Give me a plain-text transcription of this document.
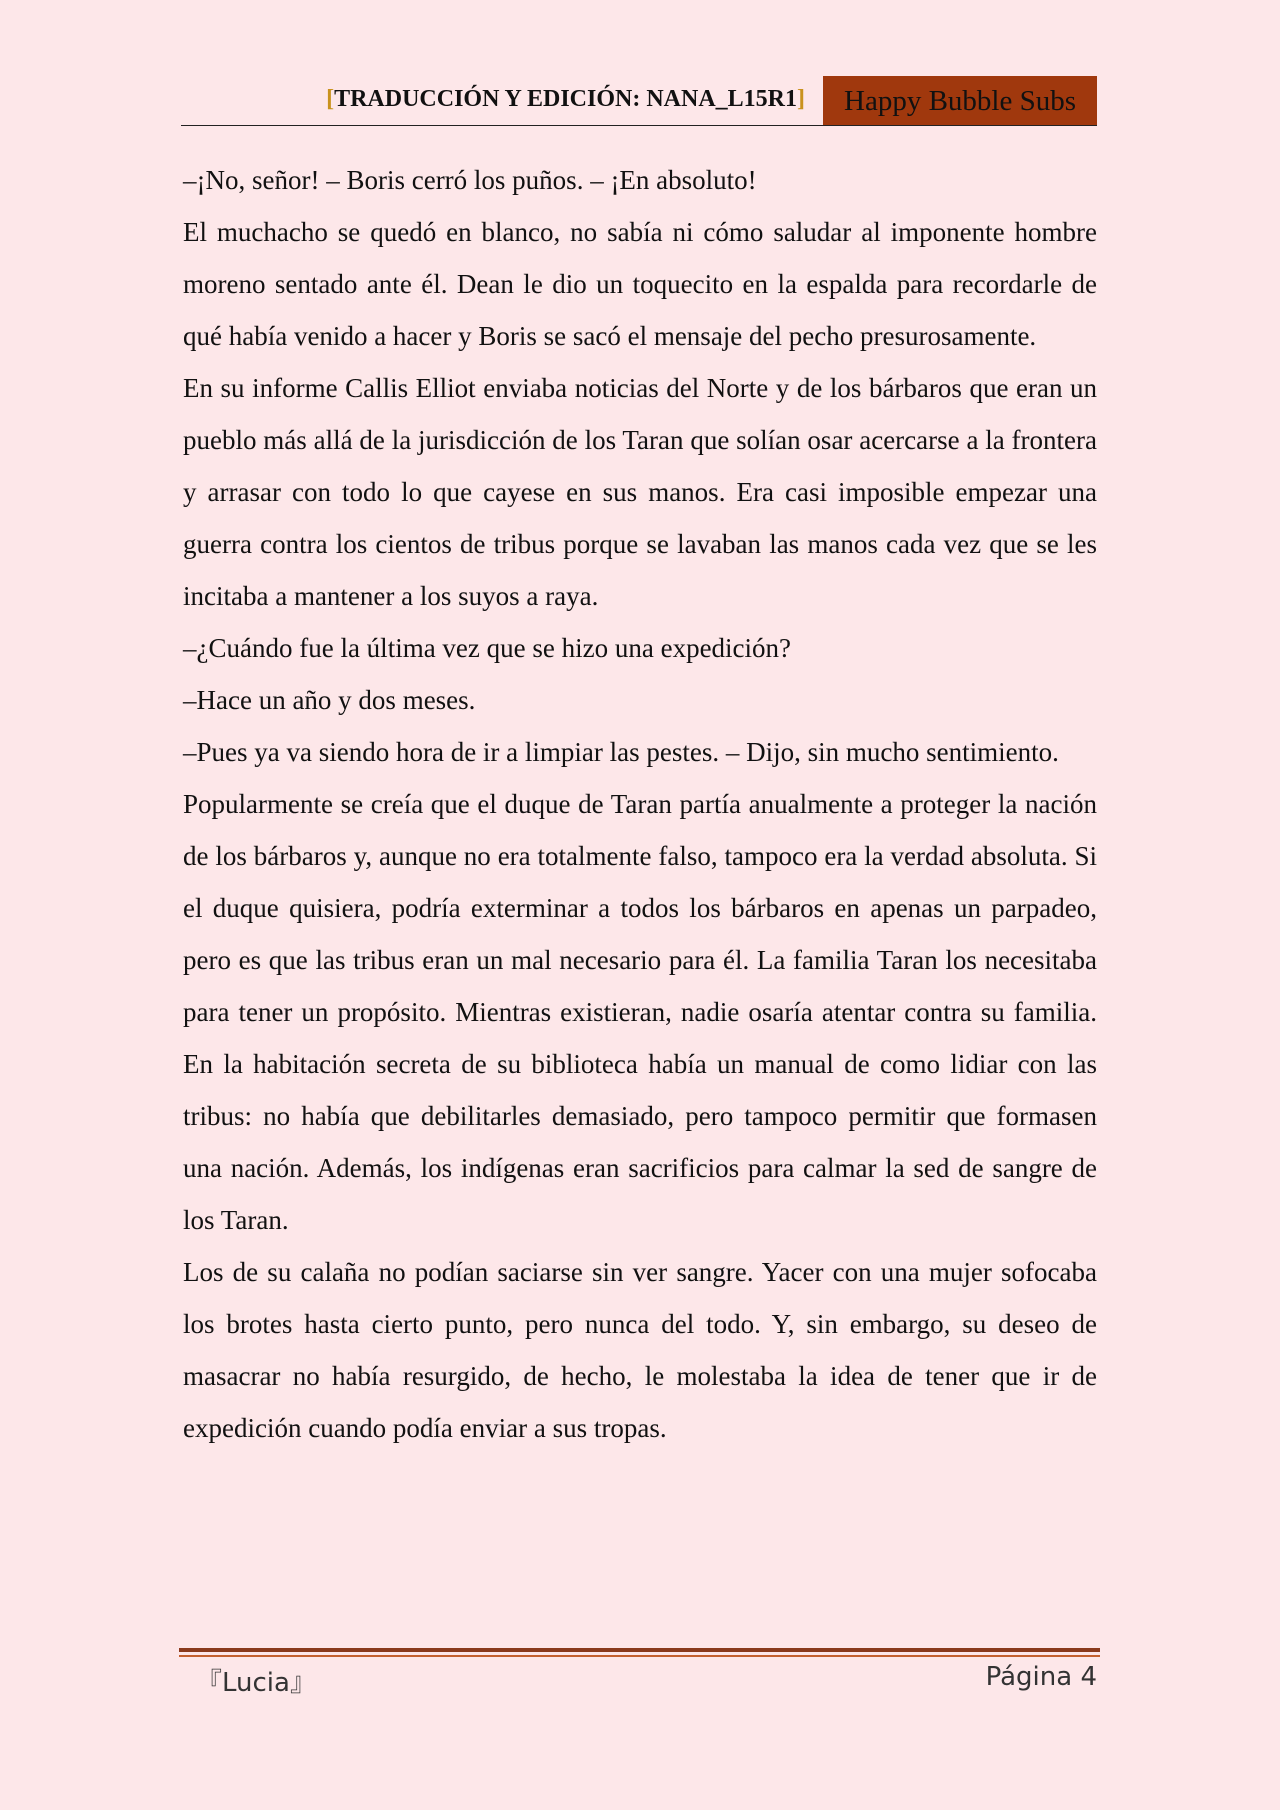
[TRADUCCIÓN Y EDICIÓN: NANA_L15R1]	Happy Bubble Subs

–¡No, señor! – Boris cerró los puños. – ¡En absoluto!

El muchacho se quedó en blanco, no sabía ni cómo saludar al imponente hombre moreno sentado ante él. Dean le dio un toquecito en la espalda para recordarle de qué había venido a hacer y Boris se sacó el mensaje del pecho presurosamente.

En su informe Callis Elliot enviaba noticias del Norte y de los bárbaros que eran un pueblo más allá de la jurisdicción de los Taran que solían osar acercarse a la frontera y arrasar con todo lo que cayese en sus manos. Era casi imposible empezar una guerra contra los cientos de tribus porque se lavaban las manos cada vez que se les incitaba a mantener a los suyos a raya.

–¿Cuándo fue la última vez que se hizo una expedición?

–Hace un año y dos meses.

–Pues ya va siendo hora de ir a limpiar las pestes. – Dijo, sin mucho sentimiento.

Popularmente se creía que el duque de Taran partía anualmente a proteger la nación de los bárbaros y, aunque no era totalmente falso, tampoco era la verdad absoluta. Si el duque quisiera, podría exterminar a todos los bárbaros en apenas un parpadeo, pero es que las tribus eran un mal necesario para él. La familia Taran los necesitaba para tener un propósito. Mientras existieran, nadie osaría atentar contra su familia. En la habitación secreta de su biblioteca había un manual de como lidiar con las tribus: no había que debilitarles demasiado, pero tampoco permitir que formasen una nación. Además, los indígenas eran sacrificios para calmar la sed de sangre de los Taran.

Los de su calaña no podían saciarse sin ver sangre. Yacer con una mujer sofocaba los brotes hasta cierto punto, pero nunca del todo. Y, sin embargo, su deseo de masacrar no había resurgido, de hecho, le molestaba la idea de tener que ir de expedición cuando podía enviar a sus tropas.

『Lucia』	Página 4
